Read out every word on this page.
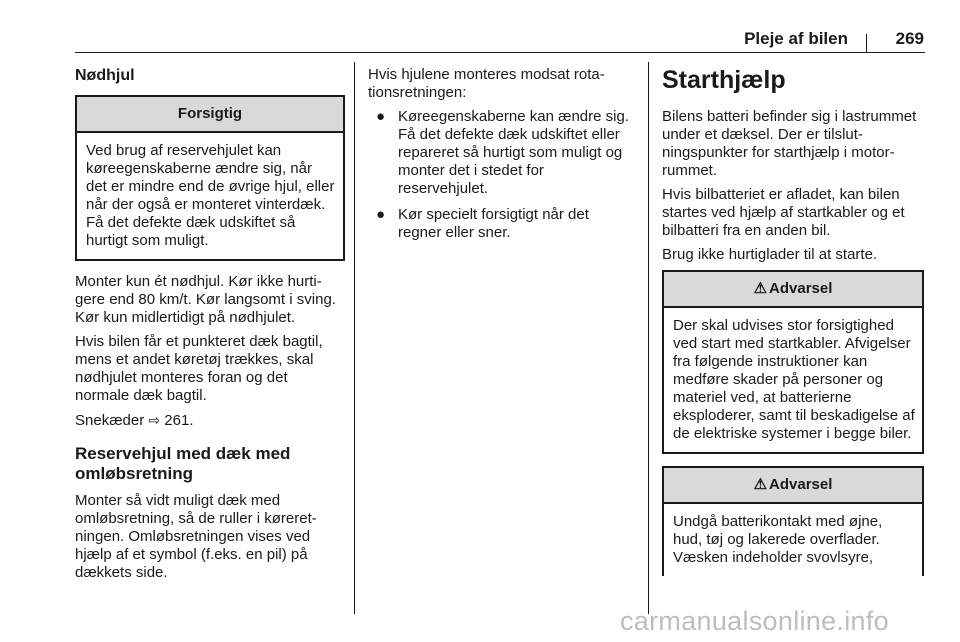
Pleje af bilen	269
Nødhjul
Forsigtig
Ved brug af reservehjulet kan køreegenskaberne ændre sig, når det er mindre end de øvrige hjul, eller når der også er monteret vinterdæk. Få det defekte dæk udskiftet så hurtigt som muligt.

Monter kun ét nødhjul. Kør ikke hurtigere end 80 km/t. Kør langsomt i sving. Kør kun midlertidigt på nødhjulet.

Hvis bilen får et punkteret dæk bagtil, mens et andet køretøj trækkes, skal nødhjulet monteres foran og det normale dæk bagtil.

Snekæder ⇨ 261.

Reservehjul med dæk med omløbsretning

Monter så vidt muligt dæk med omløbsretning, så de ruller i køreretningen. Omløbsretningen vises ved hjælp af et symbol (f.eks. en pil) på dækkets side.

Hvis hjulene monteres modsat rotationsretningen:

● Køreegenskaberne kan ændre sig. Få det defekte dæk udskiftet eller repareret så hurtigt som muligt og monter det i stedet for reservehjulet.
● Kør specielt forsigtigt når det regner eller sner.
Starthjælp

Bilens batteri befinder sig i lastrummet under et dæksel. Der er tilslutningspunkter for starthjælp i motorrummet.

Hvis bilbatteriet er afladet, kan bilen startes ved hjælp af startkabler og et bilbatteri fra en anden bil.

Brug ikke hurtiglader til at starte.

⚠ Advarsel
Der skal udvises stor forsigtighed ved start med startkabler. Afvigelser fra følgende instruktioner kan medføre skader på personer og materiel ved, at batterierne eksploderer, samt til beskadigelse af de elektriske systemer i begge biler.
⚠ Advarsel
Undgå batterikontakt med øjne, hud, tøj og lakerede overflader. Væsken indeholder svovlsyre,
carmanualsonline.info
